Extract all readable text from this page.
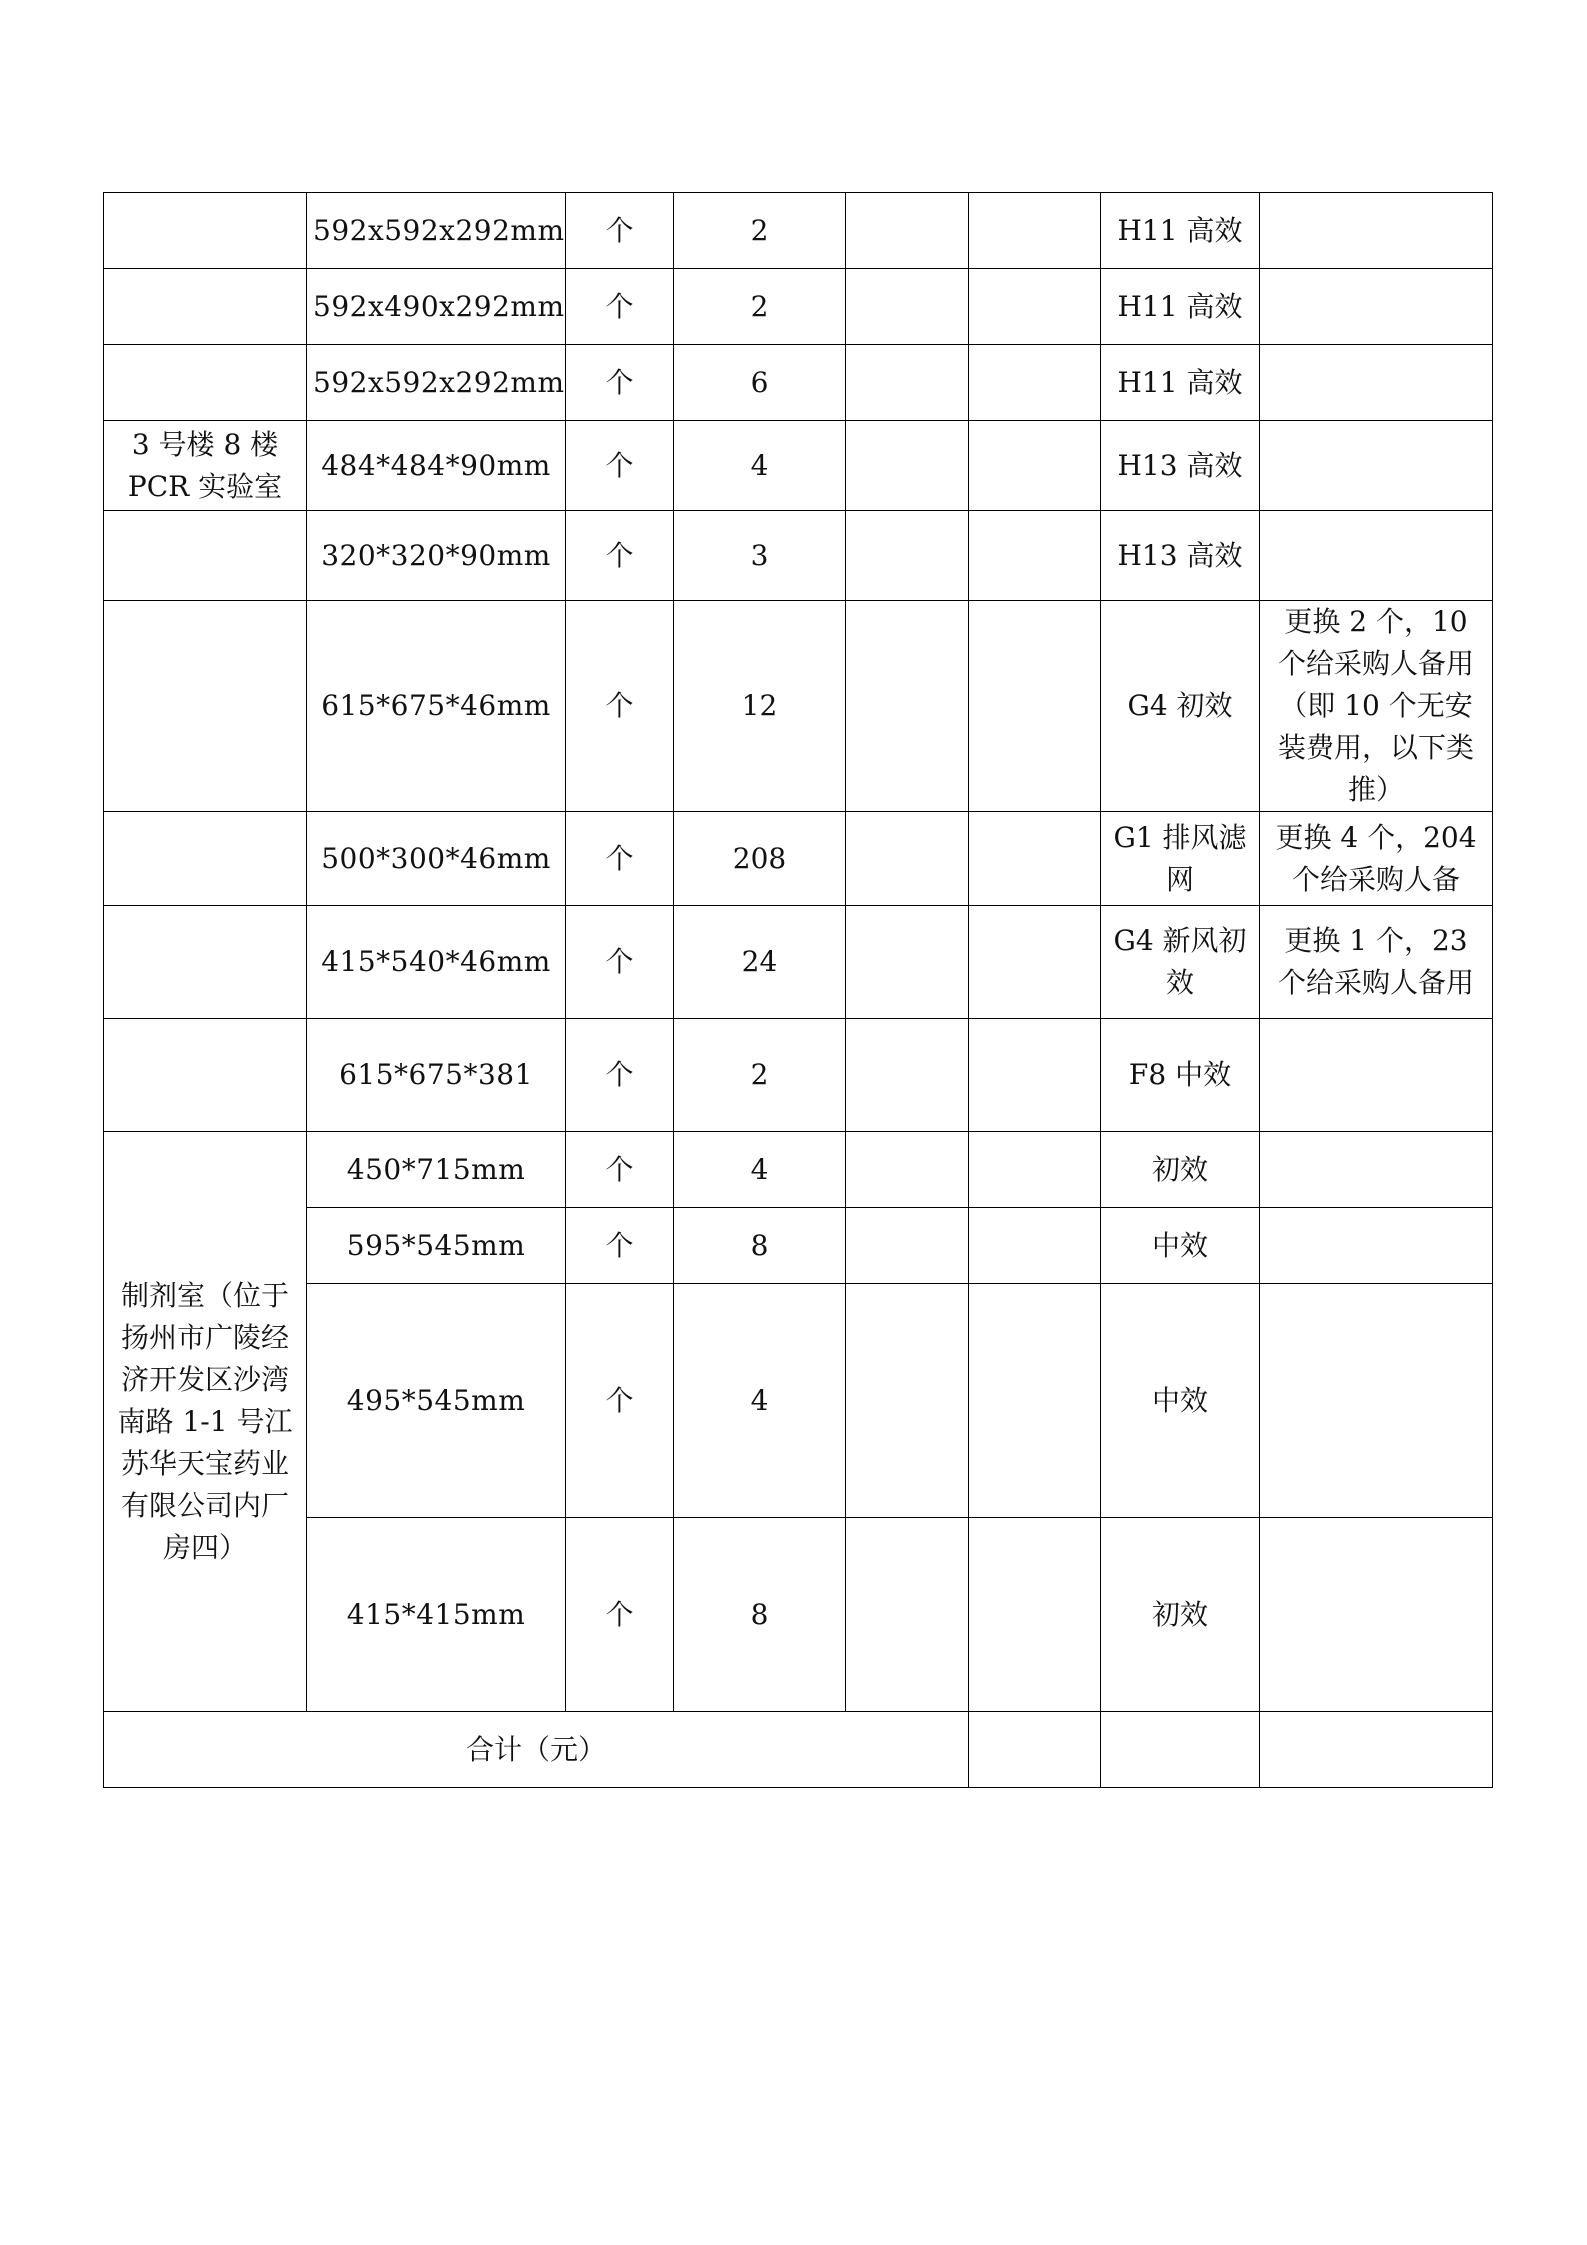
	592x592x292mm	个	2			H11 高效	
	592x490x292mm	个	2			H11 高效	
	592x592x292mm	个	6			H11 高效	
3 号楼 8 楼 PCR 实验室	484*484*90mm	个	4			H13 高效	
	320*320*90mm	个	3			H13 高效	
	615*675*46mm	个	12			G4 初效	更换 2 个，10 个给采购人备用（即 10 个无安装费用，以下类推）
	500*300*46mm	个	208			G1 排风滤网	更换 4 个，204 个给采购人备
	415*540*46mm	个	24			G4 新风初效	更换 1 个，23 个给采购人备用
	615*675*381	个	2			F8 中效	
制剂室（位于扬州市广陵经济开发区沙湾南路 1-1 号江苏华天宝药业有限公司内厂房四）	450*715mm	个	4			初效	
	595*545mm	个	8			中效	
	495*545mm	个	4			中效	
	415*415mm	个	8			初效	
合计（元）							
